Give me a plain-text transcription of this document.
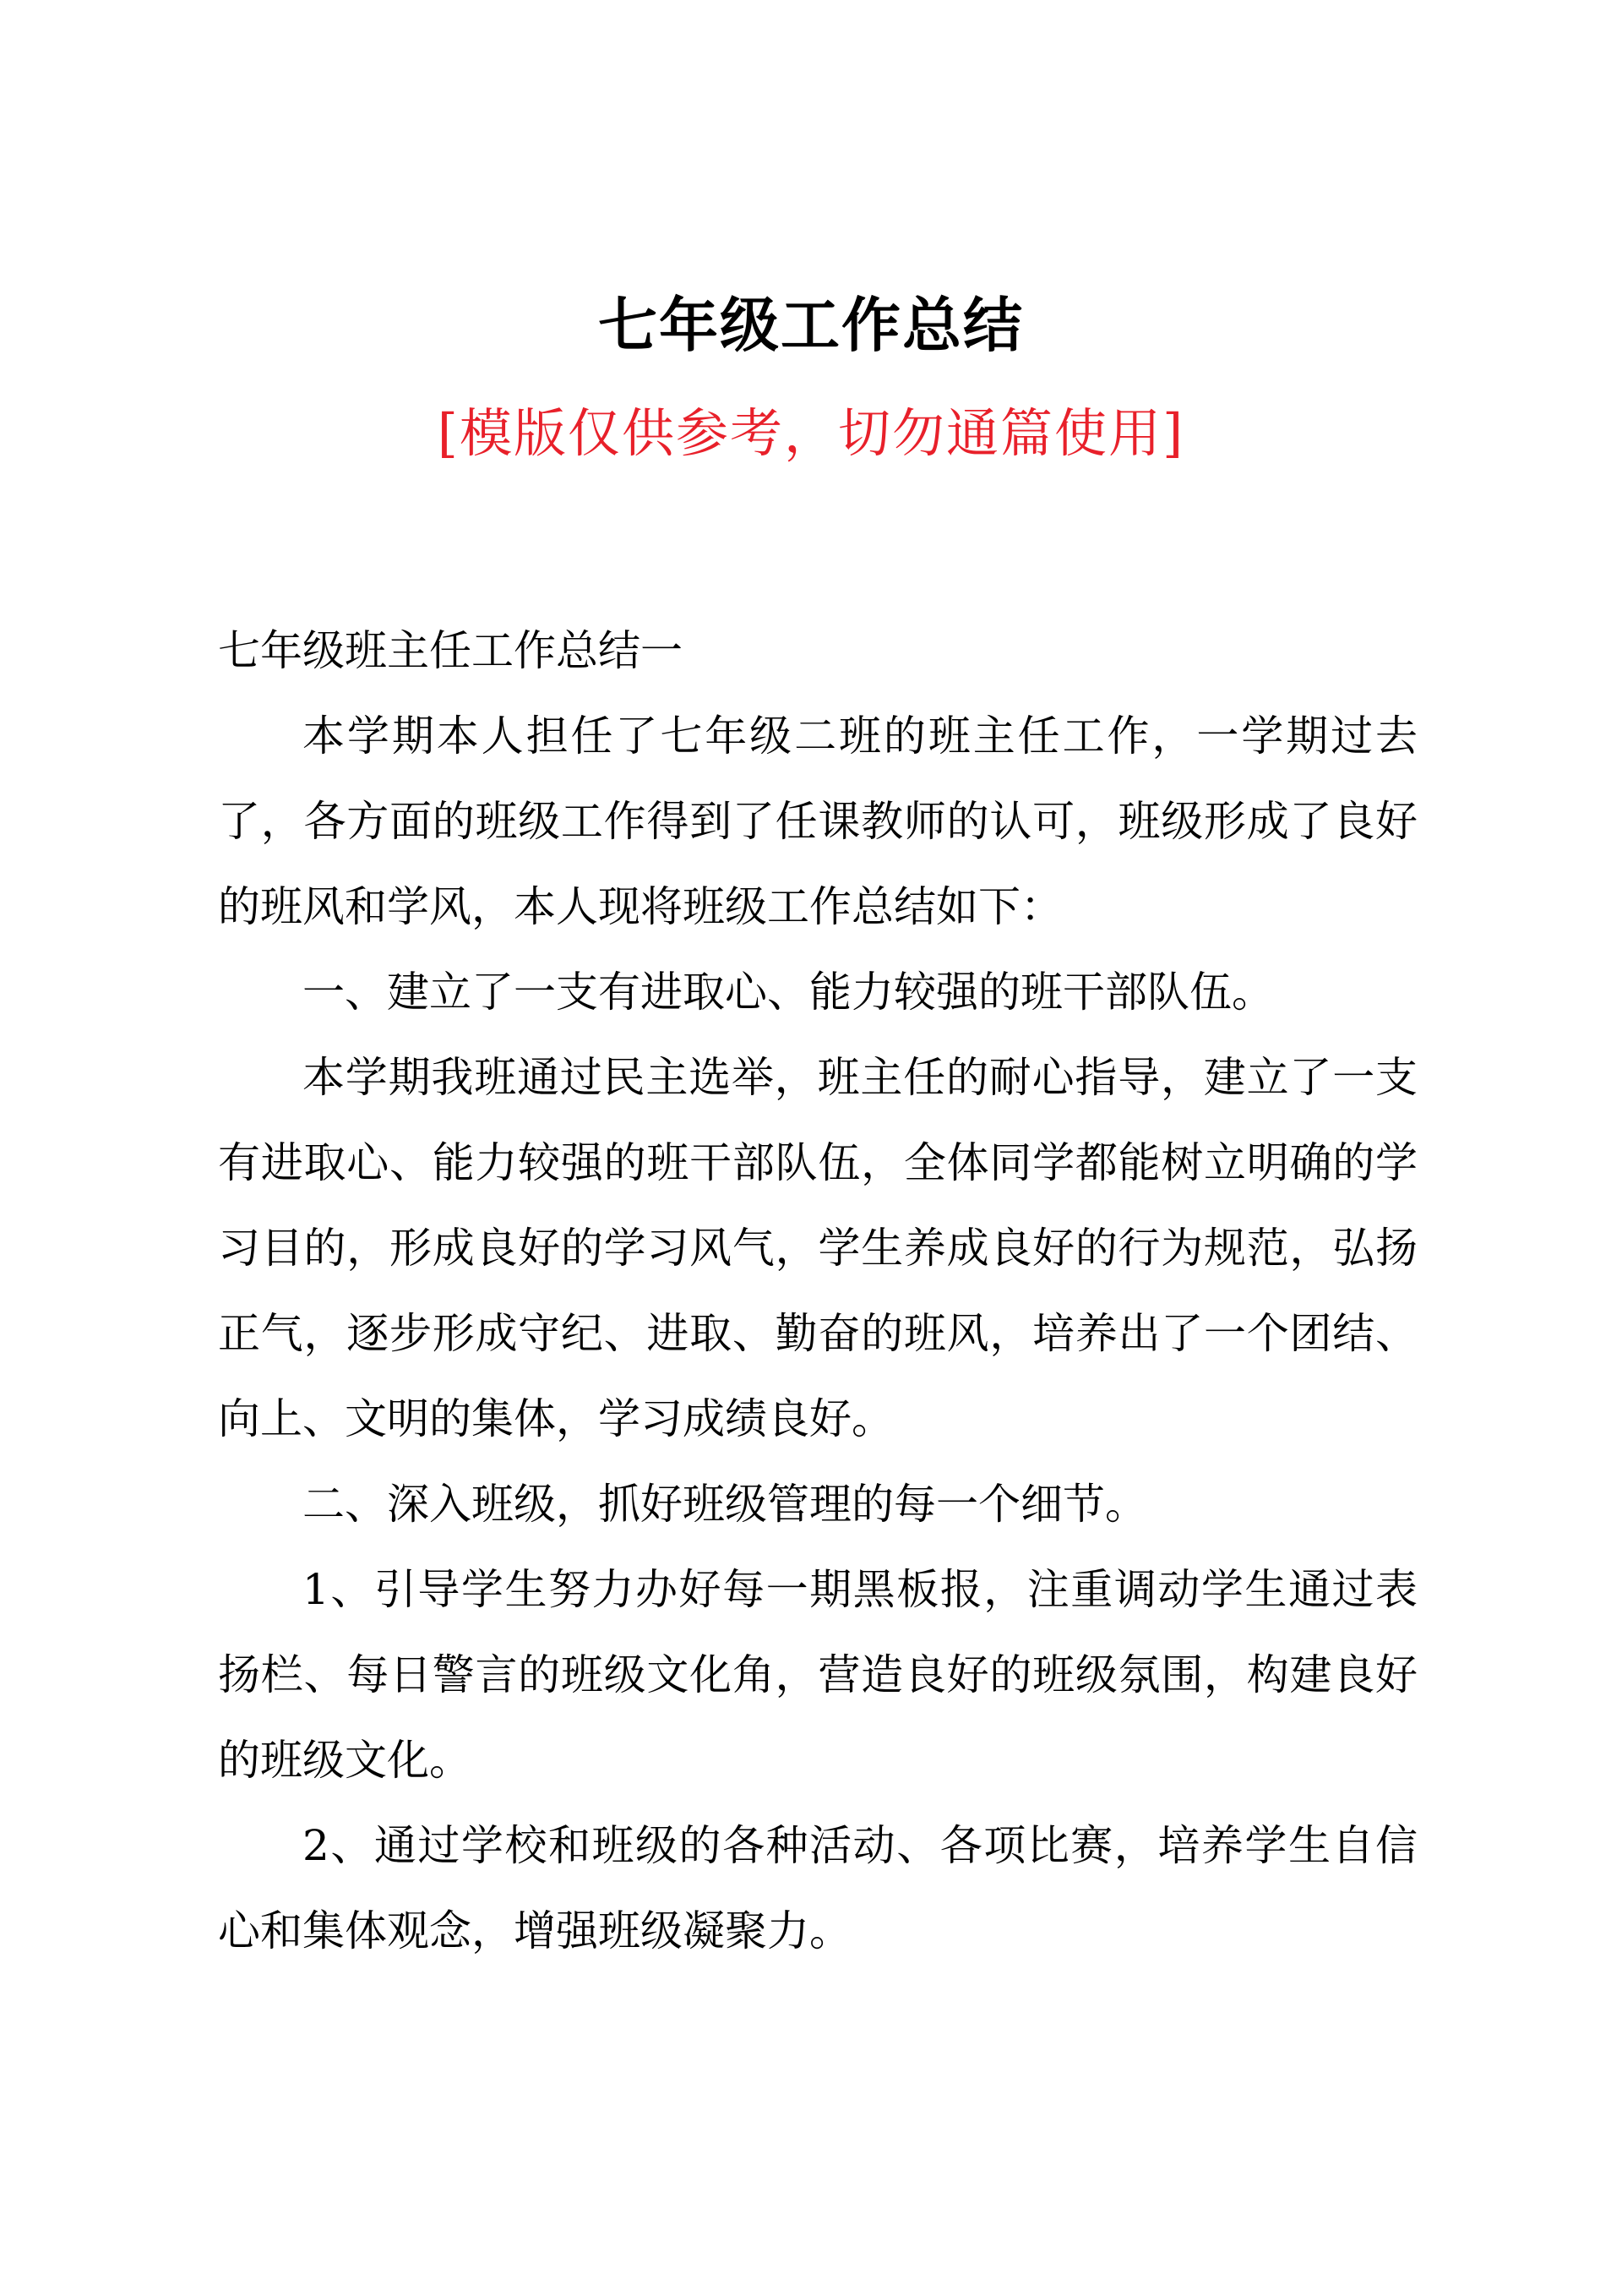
七年级工作总结
[模版仅供参考，切勿通篇使用]

七年级班主任工作总结一

本学期本人担任了七年级二班的班主任工作，一学期过去了，各方面的班级工作得到了任课教师的认可，班级形成了良好的班风和学风，本人现将班级工作总结如下：

一、建立了一支有进取心、能力较强的班干部队伍。

本学期我班通过民主选举，班主任的耐心指导，建立了一支有进取心、能力较强的班干部队伍，全体同学都能树立明确的学习目的，形成良好的学习风气，学生养成良好的行为规范，弘扬正气，逐步形成守纪、进取、勤奋的班风，培养出了一个团结、向上、文明的集体，学习成绩良好。

二、深入班级，抓好班级管理的每一个细节。

1、引导学生努力办好每一期黑板报，注重调动学生通过表扬栏、每日警言的班级文化角，营造良好的班级氛围，构建良好的班级文化。

2、通过学校和班级的各种活动、各项比赛，培养学生自信心和集体观念，增强班级凝聚力。
